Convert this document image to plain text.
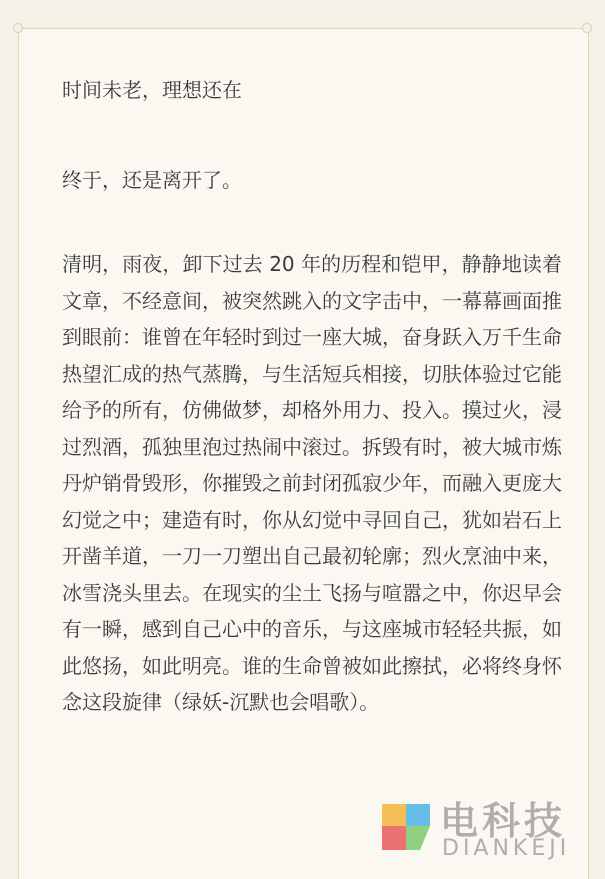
时间未老，理想还在

终于，还是离开了。

清明，雨夜，卸下过去 20 年的历程和铠甲，静静地读着文章，不经意间，被突然跳入的文字击中，一幕幕画面推到眼前：谁曾在年轻时到过一座大城，奋身跃入万千生命热望汇成的热气蒸腾，与生活短兵相接，切肤体验过它能给予的所有，仿佛做梦，却格外用力、投入。摸过火，浸过烈酒，孤独里泡过热闹中滚过。拆毁有时，被大城市炼丹炉销骨毁形，你摧毁之前封闭孤寂少年，而融入更庞大幻觉之中；建造有时，你从幻觉中寻回自己，犹如岩石上开凿羊道，一刀一刀塑出自己最初轮廓；烈火烹油中来，冰雪浇头里去。在现实的尘土飞扬与喧嚣之中，你迟早会有一瞬，感到自己心中的音乐，与这座城市轻轻共振，如此悠扬，如此明亮。谁的生命曾被如此擦拭，必将终身怀念这段旋律（绿妖-沉默也会唱歌）。

电科技
DIANKEJI
